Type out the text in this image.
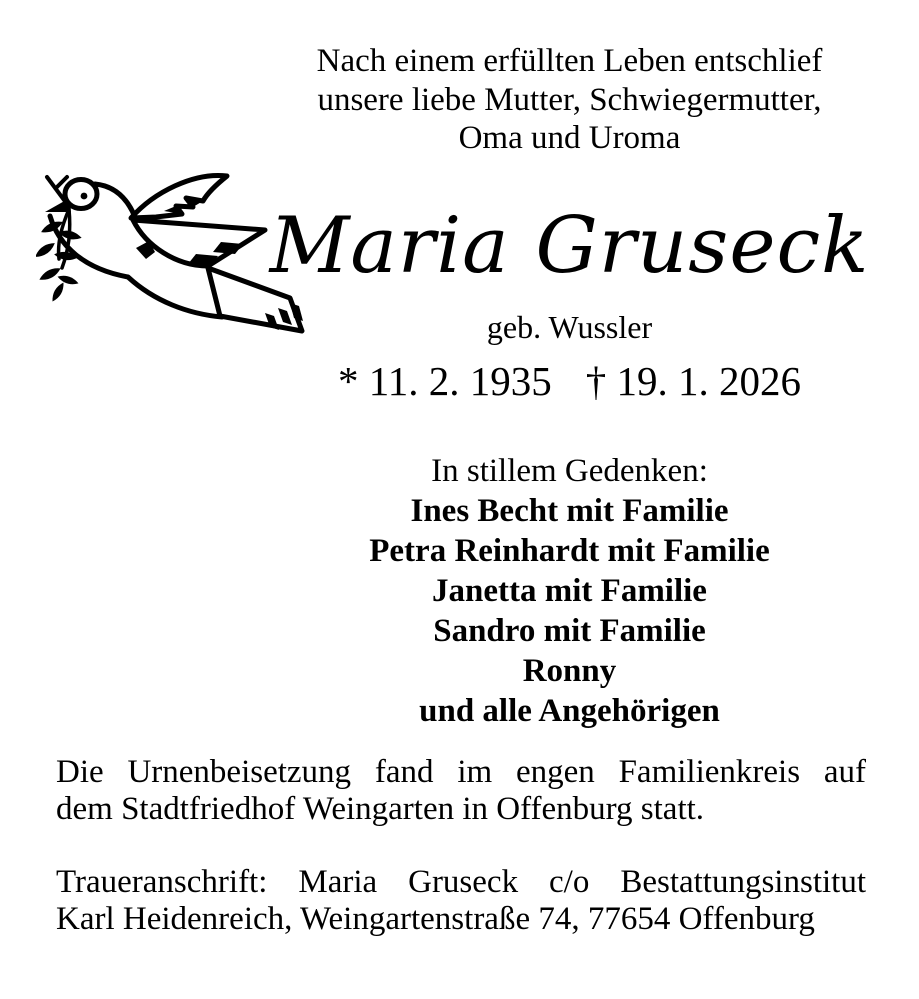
Nach einem erfüllten Leben entschlief
unsere liebe Mutter, Schwiegermutter,
Oma und Uroma
Maria Gruseck
geb. Wussler
* 11. 2. 1935 † 19. 1. 2026
In stillem Gedenken:
Ines Becht mit Familie
Petra Reinhardt mit Familie
Janetta mit Familie
Sandro mit Familie
Ronny
und alle Angehörigen
Die Urnenbeisetzung fand im engen Familienkreis auf
dem Stadtfriedhof Weingarten in Offenburg statt.
Traueranschrift: Maria Gruseck c/o Bestattungsinstitut
Karl Heidenreich, Weingartenstraße 74, 77654 Offenburg
